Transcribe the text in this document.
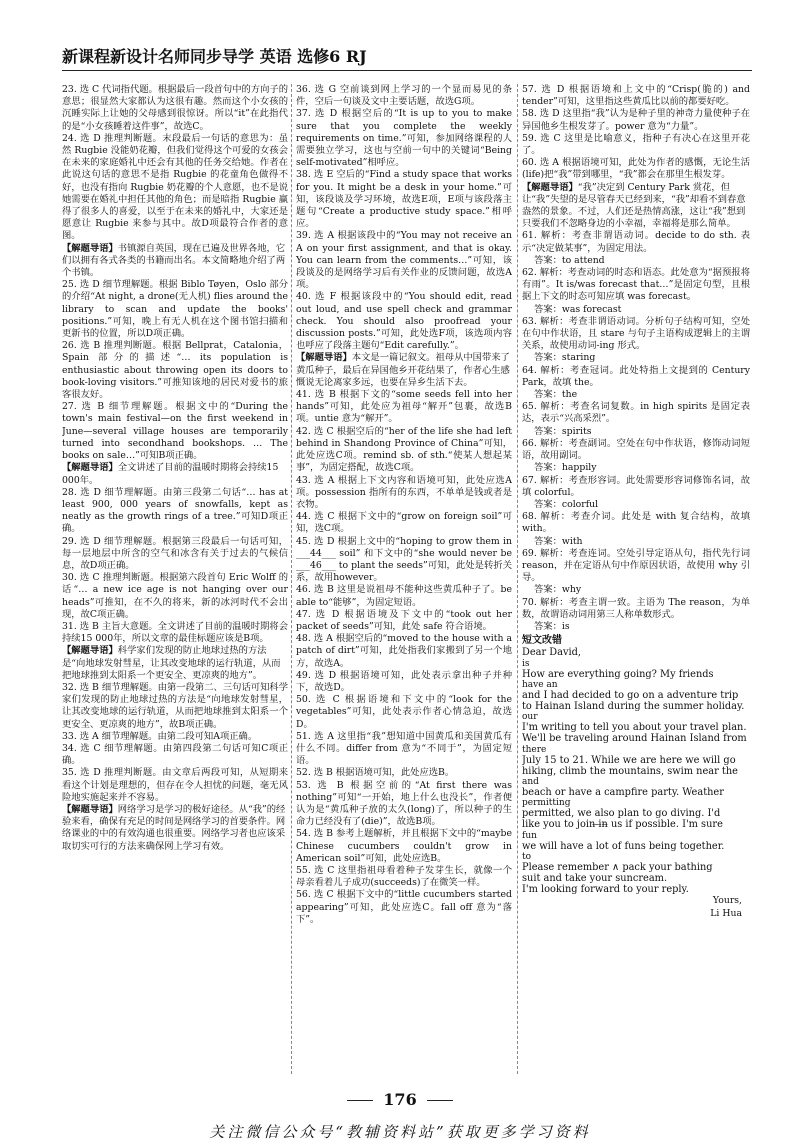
新课程新设计名师同步导学 英语 选修6 RJ

23. 选 C 代词指代题。根据最后一段首句中的方向子的意思；很显然大家都认为这很有趣。然而这个小女孩的沉睡实际上让她的父母感到很惊讶。所以“it”在此指代的是“小女孩睡着这件事”，故选C。

24. 选 D 推理判断题。末段最后一句话的意思为：虽然 Rugbie 没能奶花瓣，但我们觉得这个可爱的女孩会在未来的家庭婚礼中还会有其他的任务交给她。作者在此说这句话的意思不是指 Rugbie 的花童角色做得不好，也没有指向 Rugbie 奶花瓣的个人意愿，也不是说她需要在婚礼中担任其他的角色；而是暗指 Rugbie 赢得了很多人的喜爱，以至于在未来的婚礼中，大家还是愿意让 Rugbie 来参与其中。故D项最符合作者的意图。

【解题导语】书镇源自英国，现在已遍及世界各地，它们以拥有各式各类的书籍而出名。本文简略地介绍了两个书镇。

25. 选 D 细节理解题。根据 Biblo Tøyen，Oslo 部分的介绍“At night, a drone(无人机) flies around the library to scan and update the books' positions.”可知，晚上有无人机在这个图书馆扫描和更新书的位置，所以D项正确。

26. 选 B 推理判断题。根据 Bellprat，Catalonia，Spain 部分的描述“… its population is enthusiastic about throwing open its doors to book-loving visitors.”可推知该地的居民对爱书的旅客很友好。

27. 选 B 细节理解题。根据文中的“During the town's main festival—on the first weekend in June—several village houses are temporarily turned into secondhand bookshops. … The books on sale…”可知B项正确。

【解题导语】全文讲述了目前的温暖时期将会持续15 000年。

28. 选 D 细节理解题。由第三段第二句话“… has at least 900, 000 years of snowfalls, kept as neatly as the growth rings of a tree.”可知D项正确。

29. 选 D 细节理解题。根据第三段最后一句话可知，每一层地层中所含的空气和冰含有关于过去的气候信息，故D项正确。

30. 选 C 推理判断题。根据第六段首句 Eric Wolff 的话“… a new ice age is not hanging over our heads”可推知，在不久的将来，新的冰河时代不会出现，故C项正确。

31. 选 B 主旨大意题。全文讲述了目前的温暖时期将会持续15 000年，所以文章的最佳标题应该是B项。

【解题导语】科学家们发现的防止地球过热的方法是“向地球发射彗星，让其改变地球的运行轨道，从而把地球推到太阳系一个更安全、更凉爽的地方”。

32. 选 B 细节理解题。由第一段第二、三句话可知科学家们发现的防止地球过热的方法是“向地球发射彗星，让其改变地球的运行轨道，从而把地球推到太阳系一个更安全、更凉爽的地方”，故B项正确。

33. 选 A 细节理解题。由第二段可知A项正确。

34. 选 C 细节理解题。由第四段第二句话可知C项正确。

35. 选 D 推理判断题。由文章后两段可知，从短期来看这个计划是理想的，但存在令人担忧的问题，毫无风险地实施起来并不容易。

【解题导语】网络学习是学习的极好途径。从“我”的经验来看，确保有充足的时间是网络学习的首要条件。网络课业的中的有效沟通也很重要。网络学习者也应该采取切实可行的方法来确保网上学习有效。

36. 选 G 空前谈到网上学习的一个显而易见的条件，空后一句谈及文中主要话题，故选G项。

37. 选 D 根据空后的“It is up to you to make sure that you complete the weekly requirements on time.”可知，参加网络课程的人需要独立学习，这也与空前一句中的关键词“Being self-motivated”相呼应。

38. 选 E 空后的“Find a study space that works for you. It might be a desk in your home.”可知，该段谈及学习环境，故选E项，E项与该段落主题句“Create a productive study space.”相呼应。

39. 选 A 根据该段中的“You may not receive an A on your first assignment, and that is okay. You can learn from the comments…”可知，该段谈及的是网络学习后有关作业的反馈问题，故选A项。

40. 选 F 根据该段中的“You should edit, read out loud, and use spell check and grammar check. You should also proofread your discussion posts.”可知，此处选F项，该选项内容也呼应了段落主题句“Edit carefully.”。

【解题导语】本文是一篇记叙文。祖母从中国带来了黄瓜种子，最后在异国他乡开花结果了，作者心生感慨说无论离家多远，也要在异乡生活下去。

41. 选 B 根据下文的“some seeds fell into her hands”可知，此处应为祖母“解开”包裹，故选B项。untie 意为“解开”。

42. 选 C 根据空后的“her of the life she had left behind in Shandong Province of China”可知，此处应选C项。remind sb. of sth.“使某人想起某事”，为固定搭配，故选C项。

43. 选 A 根据上下文内容和语境可知，此处应选A项。possession 指所有的东西，不单单是钱或者是衣物。

44. 选 C 根据下文中的“grow on foreign soil”可知，选C项。

45. 选 D 根据上文中的“hoping to grow them in ___44___ soil” 和下文中的“she would never be ___46___ to plant the seeds”可知，此处是转折关系，故用however。

46. 选 B 这里是说祖母不能种这些黄瓜种子了。be able to“能够”，为固定短语。

47. 选 D 根据语境及下文中的“took out her packet of seeds”可知，此处 safe 符合语境。

48. 选 A 根据空后的“moved to the house with a patch of dirt”可知，此处指我们家搬到了另一个地方，故选A。

49. 选 D 根据语境可知，此处表示拿出种子并种下，故选D。

50. 选 C 根据语境和下文中的“look for the vegetables”可知，此处表示作者心情急迫，故选D。

51. 选 A 这里指“我”想知道中国黄瓜和美国黄瓜有什么不同。differ from 意为“不同于”，为固定短语。

52. 选 B 根据语境可知，此处应选B。

53. 选 B 根据空前的“At first there was nothing”可知“一开始，地上什么也没长”，作者便认为是“黄瓜种子放的太久(long)了，所以种子的生命力已经没有了(die)”，故选B项。

54. 选 B 参考上题解析，并且根据下文中的“maybe Chinese cucumbers couldn't grow in American soil”可知，此处应选B。

55. 选 C 这里指祖母看着种子发芽生长，就像一个母亲看着儿子成功(succeeds)了在微笑一样。

56. 选 C 根据下文中的“little cucumbers started appearing”可知，此处应选C。fall off 意为“落下”。

57. 选 D 根据语境和上文中的“Crisp(脆的) and tender”可知，这里指这些黄瓜比以前的都要好吃。

58. 选 D 这里指“我”认为是种子里的神奇力量使种子在异国他乡生根发芽了。power 意为“力量”。

59. 选 C 这里是比喻意义，指种子有决心在这里开花了。

60. 选 A 根据语境可知，此处为作者的感慨，无论生活(life)把“我”带到哪里，“我”都会在那里生根发芽。

【解题导语】“我”决定到 Century Park 赏花，但让“我”失望的是尽管春天已经到来，“我”却看不到春意盎然的景象。不过，人们还是热情高涨，这让“我”想到只要我们不忽略身边的小幸福，幸福将是那么简单。

61. 解析：考查非谓语动词。decide to do sth. 表示“决定做某事”，为固定用法。

答案：to attend

62. 解析：考查动词的时态和语态。此处意为“据预报将有雨”。It is/was forecast that…”是固定句型，且根据上下文的时态可知应填 was forecast。

答案：was forecast

63. 解析：考查非谓语动词。分析句子结构可知，空处在句中作状语，且 stare 与句子主语构成逻辑上的主谓关系，故使用动词-ing 形式。

答案：staring

64. 解析：考查冠词。此处特指上文提到的 Century Park，故填 the。

答案：the

65. 解析：考查名词复数。in high spirits 是固定表达，表示“兴高采烈”。

答案：spirits

66. 解析：考查副词。空处在句中作状语，修饰动词短语，故用副词。

答案：happily

67. 解析：考查形容词。此处需要形容词修饰名词，故填 colorful。

答案：colorful

68. 解析：考查介词。此处是 with 复合结构，故填 with。

答案：with

69. 解析：考查连词。空处引导定语从句，指代先行词 reason，并在定语从句中作原因状语，故使用 why 引导。

答案：why

70. 解析：考查主谓一致。主语为 The reason，为单数，故谓语动词用第三人称单数形式。

答案：is

短文改错

Dear David,

is

How are everything going? My friends

have an

and I had decided to go on a adventure trip

to Hainan Island during the summer holiday.

our

I'm writing to tell you about your travel plan.

We'll be traveling around Hainan Island from

there

July 15 to 21. While we are here we will go

hiking, climb the mountains, swim near the

and

beach or have a campfire party. Weather

permitting

permitted, we also plan to go diving. I'd

like you to join ̶i̶n̶ us if possible. I'm sure

fun

we will have a lot of funs being together.

to

Please remember ∧ pack your bathing

suit and take your suncream.

I'm looking forward to your reply.

Yours,

Li Hua

176
关注微信公众号“教辅资料站”获取更多学习资料
